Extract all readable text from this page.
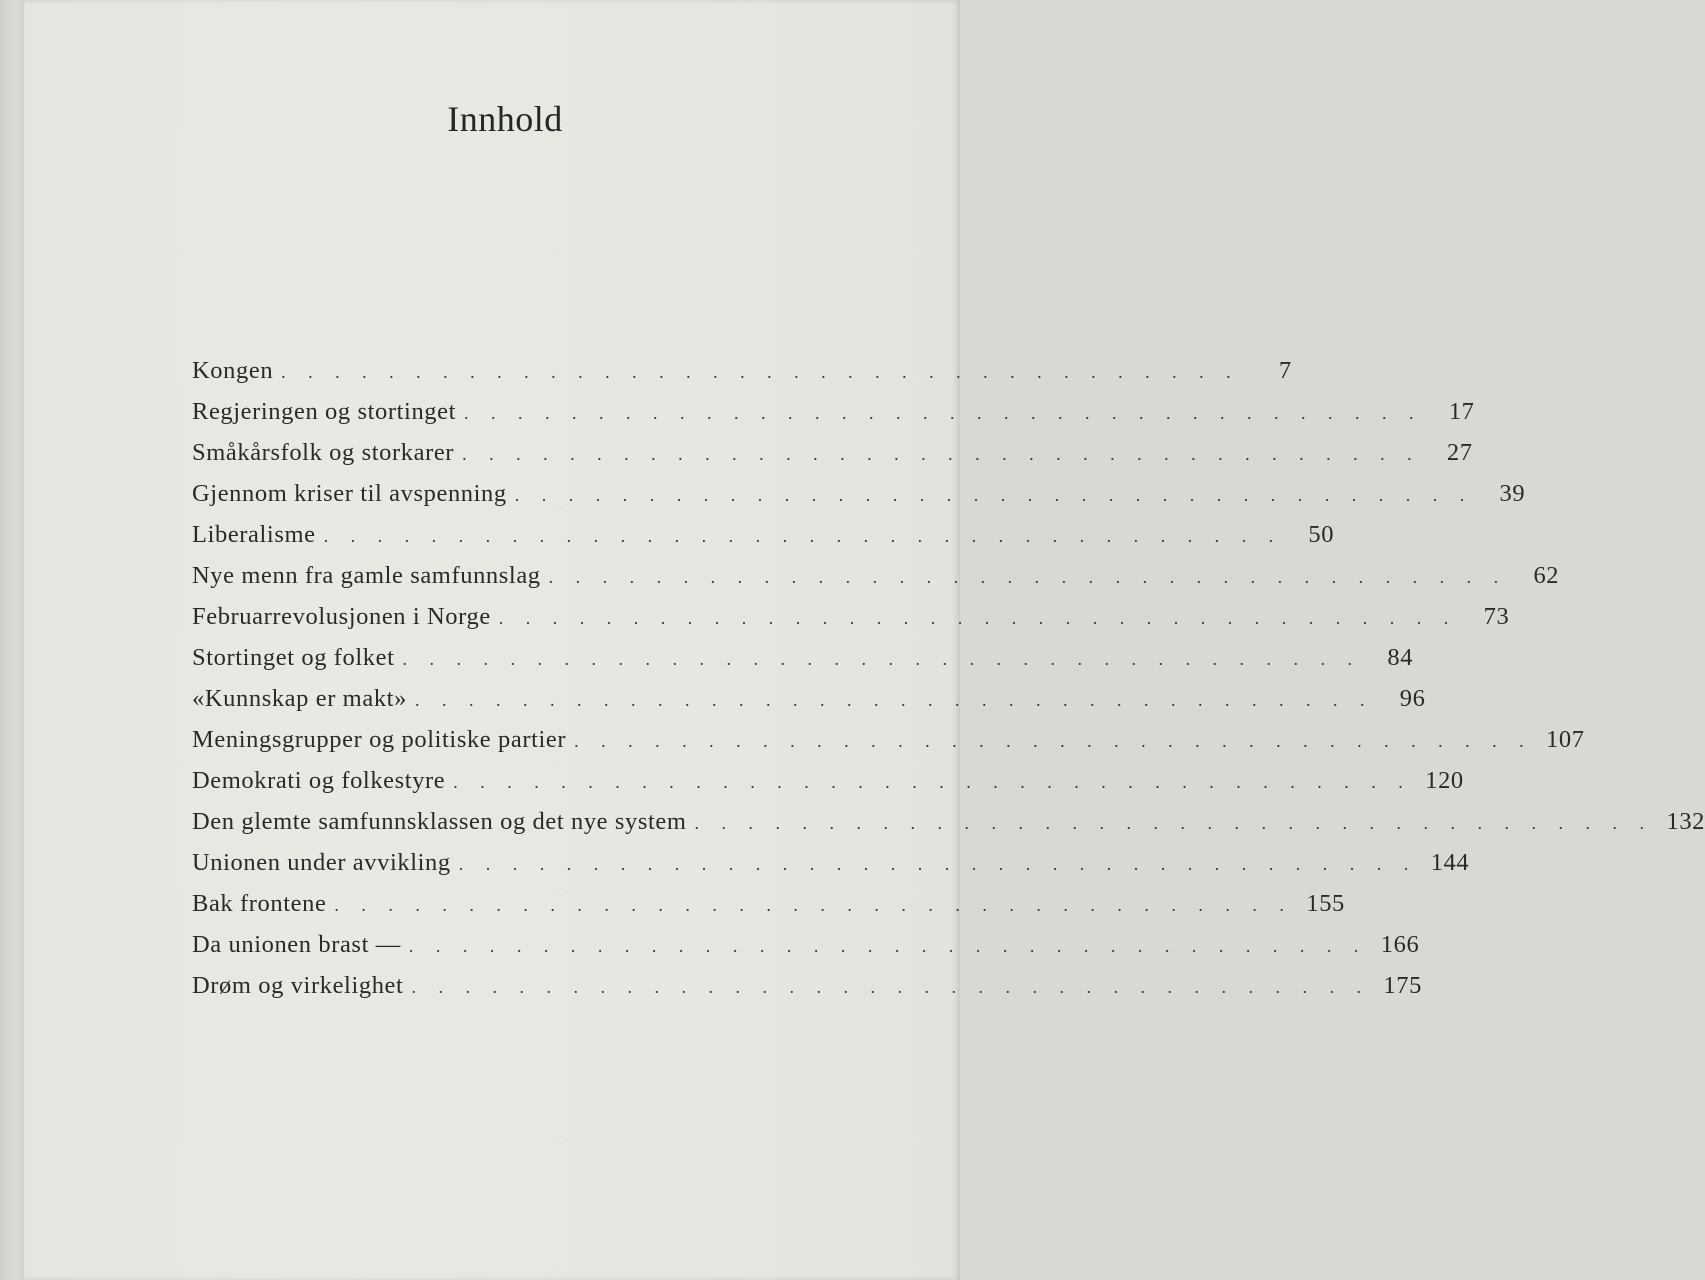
Innhold
Kongen . . . . . . . . . . . . . . . . . . . . . . . . . . . . . . . . . . . .	7
Regjeringen og stortinget . . . . . . . . . . . . . . . . . . . . . . . . . . . . . . . . . . . .	17
Småkårsfolk og storkarer . . . . . . . . . . . . . . . . . . . . . . . . . . . . . . . . . . . .	27
Gjennom kriser til avspenning . . . . . . . . . . . . . . . . . . . . . . . . . . . . . . . . . . . .	39
Liberalisme . . . . . . . . . . . . . . . . . . . . . . . . . . . . . . . . . . . .	50
Nye menn fra gamle samfunnslag . . . . . . . . . . . . . . . . . . . . . . . . . . . . . . . . . . . .	62
Februarrevolusjonen i Norge . . . . . . . . . . . . . . . . . . . . . . . . . . . . . . . . . . . .	73
Stortinget og folket . . . . . . . . . . . . . . . . . . . . . . . . . . . . . . . . . . . .	84
«Kunnskap er makt» . . . . . . . . . . . . . . . . . . . . . . . . . . . . . . . . . . . .	96
Meningsgrupper og politiske partier . . . . . . . . . . . . . . . . . . . . . . . . . . . . . . . . . . . . 107
Demokrati og folkestyre . . . . . . . . . . . . . . . . . . . . . . . . . . . . . . . . . . . . 120
Den glemte samfunnsklassen og det nye system . . . . . . . . . . . . . . . . . . . . . . . . . . . . . . . . . . . . 132
Unionen under avvikling . . . . . . . . . . . . . . . . . . . . . . . . . . . . . . . . . . . . 144
Bak frontene . . . . . . . . . . . . . . . . . . . . . . . . . . . . . . . . . . . . 155
Da unionen brast — . . . . . . . . . . . . . . . . . . . . . . . . . . . . . . . . . . . . 166
Drøm og virkelighet . . . . . . . . . . . . . . . . . . . . . . . . . . . . . . . . . . . . 175
